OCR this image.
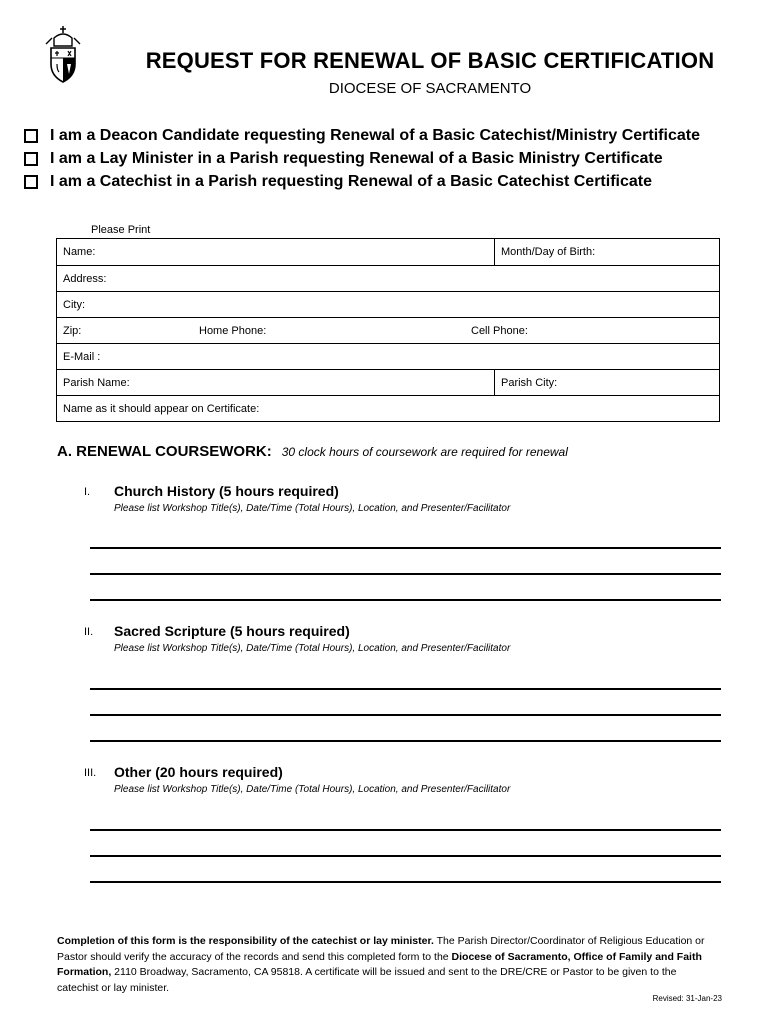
REQUEST FOR RENEWAL OF BASIC CERTIFICATION
DIOCESE OF SACRAMENTO
I am a Deacon Candidate requesting Renewal of a Basic Catechist/Ministry Certificate
I am a Lay Minister in a Parish requesting Renewal of a Basic Ministry Certificate
I am a Catechist in a Parish requesting Renewal of a Basic Catechist Certificate
Please Print
Name:	Month/Day of Birth:
Address:
City:
Zip:	Home Phone:	Cell Phone:
E-Mail :
Parish Name:	Parish City:
Name as it should appear on Certificate:
A. RENEWAL COURSEWORK: 30 clock hours of coursework are required for renewal
I. Church History (5 hours required)
Please list Workshop Title(s), Date/Time (Total Hours), Location, and Presenter/Facilitator
II. Sacred Scripture (5 hours required)
Please list Workshop Title(s), Date/Time (Total Hours), Location, and Presenter/Facilitator
III. Other (20 hours required)
Please list Workshop Title(s), Date/Time (Total Hours), Location, and Presenter/Facilitator
Completion of this form is the responsibility of the catechist or lay minister. The Parish Director/Coordinator of Religious Education or Pastor should verify the accuracy of the records and send this completed form to the Diocese of Sacramento, Office of Family and Faith Formation, 2110 Broadway, Sacramento, CA 95818. A certificate will be issued and sent to the DRE/CRE or Pastor to be given to the catechist or lay minister.
Revised: 31-Jan-23
